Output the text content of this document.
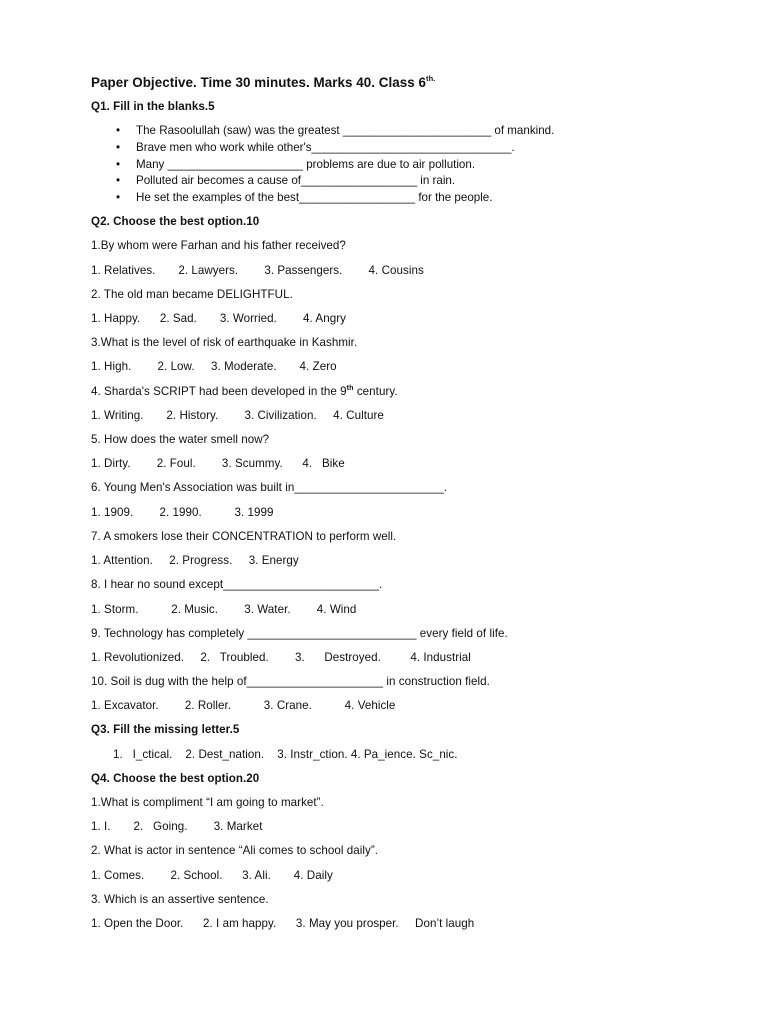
Paper Objective. Time 30 minutes. Marks 40. Class $6^{th.}$
Q1. Fill in the blanks.5
• The Rasoolullah (saw) was the greatest _______________________ of mankind.
• Brave men who work while other's_______________________________.
• Many _____________________ problems are due to air pollution.
• Polluted air becomes a cause of__________________ in rain.
• He set the examples of the best__________________ for the people.
Q2. Choose the best option.10
1.By whom were Farhan and his father received?
1. Relatives.       2. Lawyers.        3. Passengers.        4. Cousins
2. The old man became DELIGHTFUL.
1. Happy.      2. Sad.       3. Worried.        4. Angry
3.What is the level of risk of earthquake in Kashmir.
1. High.        2. Low.     3. Moderate.       4. Zero
4. Sharda's SCRIPT had been developed in the 9th century.
1. Writing.       2. History.        3. Civilization.     4. Culture
5. How does the water smell now?
1. Dirty.        2. Foul.        3. Scummy.      4.   Bike
6. Young Men's Association was built in_______________________.
1. 1909.        2. 1990.          3. 1999
7. A smokers lose their CONCENTRATION to perform well.
1. Attention.     2. Progress.     3. Energy
8. I hear no sound except________________________.
1. Storm.          2. Music.        3. Water.        4. Wind
9. Technology has completely __________________________ every field of life.
1. Revolutionized.     2.   Troubled.        3.      Destroyed.         4. Industrial
10. Soil is dug with the help of_____________________ in construction field.
1. Excavator.        2. Roller.          3. Crane.          4. Vehicle
Q3. Fill the missing letter.5
1.   I_ctical.    2. Dest_nation.    3. Instr_ction. 4. Pa_ience. Sc_nic.
Q4. Choose the best option.20
1.What is compliment “I am going to market”.
1. I.       2.   Going.        3. Market
2. What is actor in sentence “Ali comes to school daily”.
1. Comes.        2. School.      3. Ali.       4. Daily
3. Which is an assertive sentence.
1. Open the Door.      2. I am happy.      3. May you prosper.     Don’t laugh
